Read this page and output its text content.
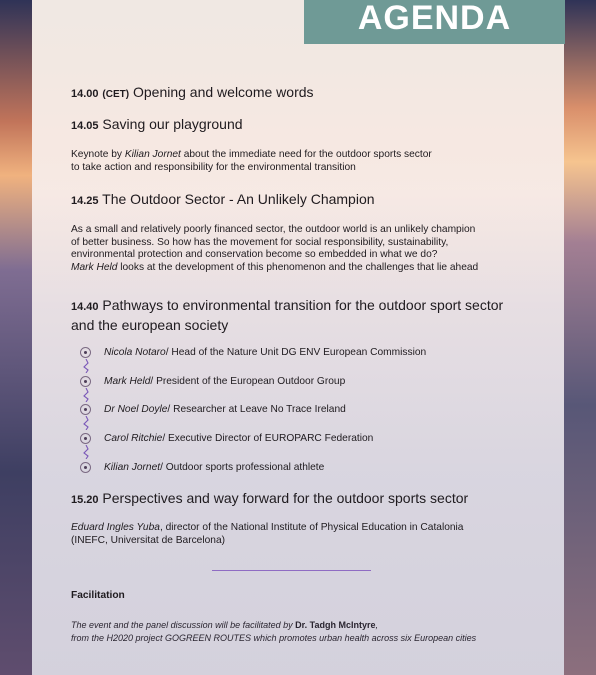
AGENDA
14.00 (CET) Opening and welcome words
14.05 Saving our playground
Keynote by Kilian Jornet about the immediate need for the outdoor sports sector
to take action and responsibility for the environmental transition
14.25 The Outdoor Sector - An Unlikely Champion
As a small and relatively poorly financed sector, the outdoor world is an unlikely champion
of better business. So how has the movement for social responsibility, sustainability,
environmental protection and conservation become so embedded in what we do?
Mark Held looks at the development of this phenomenon and the challenges that lie ahead
14.40 Pathways to environmental transition for the outdoor sport sector
and the european society
Nicola Notaro / Head of the Nature Unit DG ENV European Commission
Mark Held / President of the European Outdoor Group
Dr Noel Doyle / Researcher at Leave No Trace Ireland
Carol Ritchie / Executive Director of EUROPARC Federation
Kilian Jornet / Outdoor sports professional athlete
15.20 Perspectives and way forward for the outdoor sports sector
Eduard Ingles Yuba, director of the National Institute of Physical Education in Catalonia
(INEFC, Universitat de Barcelona)
Facilitation
The event and the panel discussion will be facilitated by Dr. Tadgh McIntyre,
from the H2020 project GOGREEN ROUTES which promotes urban health across six European cities
